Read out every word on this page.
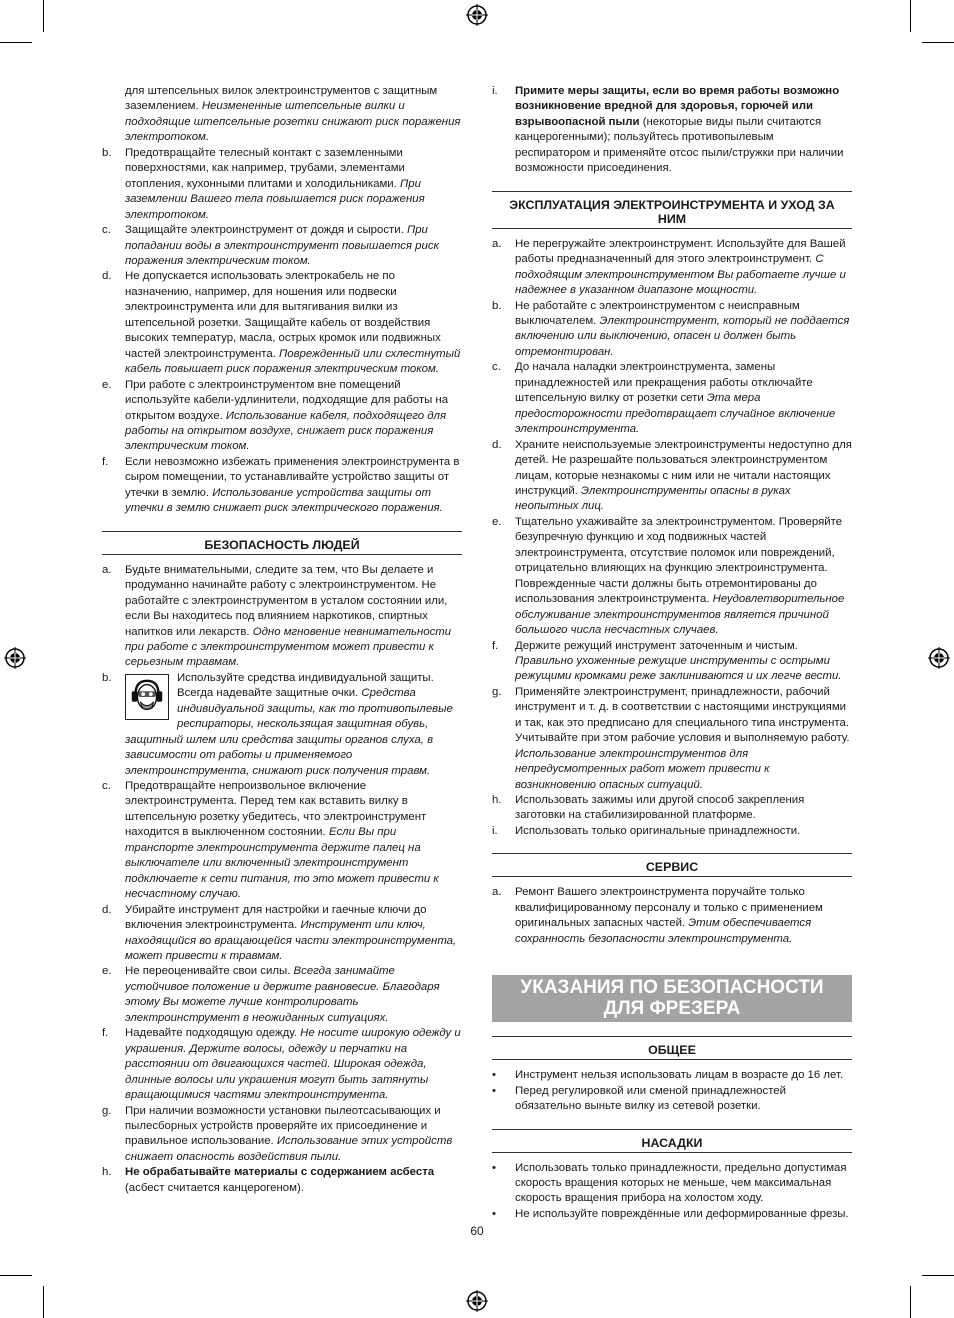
для штепсельных вилок электроинструментов с защитным заземлением. Неизмененные штепсельные вилки и подходящие штепсельные розетки снижают риск поражения электротоком.
b. Предотвращайте телесный контакт с заземленными поверхностями, как например, трубами, элементами отопления, кухонными плитами и холодильниками. При заземлении Вашего тела повышается риск поражения электротоком.
c. Защищайте электроинструмент от дождя и сырости. При попадании воды в электроинструмент повышается риск поражения электрическим током.
d. Не допускается использовать электрокабель не по назначению, например, для ношения или подвески электроинструмента или для вытягивания вилки из штепсельной розетки. Защищайте кабель от воздействия высоких температур, масла, острых кромок или подвижных частей электроинструмента. Поврежденный или схлестнутый кабель повышает риск поражения электрическим током.
e. При работе с электроинструментом вне помещений используйте кабели-удлинители, подходящие для работы на открытом воздухе. Использование кабеля, подходящего для работы на открытом воздухе, снижает риск поражения электрическим током.
f. Если невозможно избежать применения электроинструмента в сыром помещении, то устанавливайте устройство защиты от утечки в землю. Использование устройства защиты от утечки в землю снижает риск электрического поражения.
БЕЗОПАСНОСТЬ ЛЮДЕЙ
a. Будьте внимательными, следите за тем, что Вы делаете и продуманно начинайте работу с электроинструментом. Не работайте с электроинструментом в усталом состоянии или, если Вы находитесь под влиянием наркотиков, спиртных напитков или лекарств. Одно мгновение невнимательности при работе с электроинструментом может привести к серьезным травмам.
b.	Используйте средства индивидуальной защиты. Всегда надевайте защитные очки. Средства индивидуальной защиты, как то противопылевые респираторы, нескользящая защитная обувь, защитный шлем или средства защиты органов слуха, в зависимости от работы и применяемого электроинструмента, снижают риск получения травм.
c. Предотвращайте непроизвольное включение электроинструмента. Перед тем как вставить вилку в штепсельную розетку убедитесь, что электроинструмент находится в выключенном состоянии. Если Вы при транспорте электроинструмента держите палец на выключателе или включенный электроинструмент подключаете к сети питания, то это может привести к несчастному случаю.
d. Убирайте инструмент для настройки и гаечные ключи до включения электроинструмента. Инструмент или ключ, находящийся во вращающейся части электроинструмента, может привести к травмам.
e. Не переоценивайте свои силы. Всегда занимайте устойчивое положение и держите равновесие. Благодаря этому Вы можете лучше контролировать электроинструмент в неожиданных ситуациях.
f. Надевайте подходящую одежду. Не носите широкую одежду и украшения. Держите волосы, одежду и перчатки на расстоянии от двигающихся частей. Широкая одежда, длинные волосы или украшения могут быть затянуты вращающимися частями электроинструмента.
g. При наличии возможности установки пылеотсасывающих и пылесборных устройств проверяйте их присоединение и правильное использование. Использование этих устройств снижает опасность воздействия пыли.
h. Не обрабатывайте материалы с содержанием асбеста (асбест считается канцерогеном).
i. Примите меры защиты, если во время работы возможно возникновение вредной для здоровья, горючей или взрывоопасной пыли (некоторые виды пыли считаются канцерогенными); пользуйтесь противопылевым респиратором и применяйте отсос пыли/стружки при наличии возможности присоединения.
ЭКСПЛУАТАЦИЯ ЭЛЕКТРОИНСТРУМЕНТА И УХОД ЗА НИМ
a. Не перегружайте электроинструмент. Используйте для Вашей работы предназначенный для этого электроинструмент. С подходящим электроинструментом Вы работаете лучше и надежнее в указанном диапазоне мощности.
b. Не работайте с электроинструментом с неисправным выключателем. Электроинструмент, который не поддается включению или выключению, опасен и должен быть отремонтирован.
c. До начала наладки электроинструмента, замены принадлежностей или прекращения работы отключайте штепсельную вилку от розетки сети Эта мера предосторожности предотвращает случайное включение электроинструмента.
d. Храните неиспользуемые электроинструменты недоступно для детей. Не разрешайте пользоваться электроинструментом лицам, которые незнакомы с ним или не читали настоящих инструкций. Электроинструменты опасны в руках неопытных лиц.
e. Тщательно ухаживайте за электроинструментом. Проверяйте безупречную функцию и ход подвижных частей электроинструмента, отсутствие поломок или повреждений, отрицательно влияющих на функцию электроинструмента. Поврежденные части должны быть отремонтированы до использования электроинструмента. Неудовлетворительное обслуживание электроинструментов является причиной большого числа несчастных случаев.
f. Держите режущий инструмент заточенным и чистым. Правильно ухоженные режущие инструменты с острыми режущими кромками реже заклиниваются и их легче вести.
g. Применяйте электроинструмент, принадлежности, рабочий инструмент и т. д. в соответствии с настоящими инструкциями и так, как это предписано для специального типа инструмента. Учитывайте при этом рабочие условия и выполняемую работу. Использование электроинструментов для непредусмотренных работ может привести к возникновению опасных ситуаций.
h. Использовать зажимы или другой способ закрепления заготовки на стабилизированной платформе.
i. Использовать только оригинальные принадлежности.
СЕРВИС
a. Ремонт Вашего электроинструмента поручайте только квалифицированному персоналу и только с применением оригинальных запасных частей. Этим обеспечивается сохранность безопасности электроинструмента.
УКАЗАНИЯ ПО БЕЗОПАСНОСТИ ДЛЯ ФРЕЗЕРА
ОБЩЕЕ
• Инструмент нельзя использовать лицам в возрасте до 16 лет.
• Перед регулировкой или сменой принадлежностей обязательно выньте вилку из сетевой розетки.
НАСАДКИ
• Использовать только принадлежности, предельно допустимая скорость вращения которых не меньше, чем максимальная скорость вращения прибора на холостом ходу.
• Не используйте повреждённые или деформированные фрезы.
60
